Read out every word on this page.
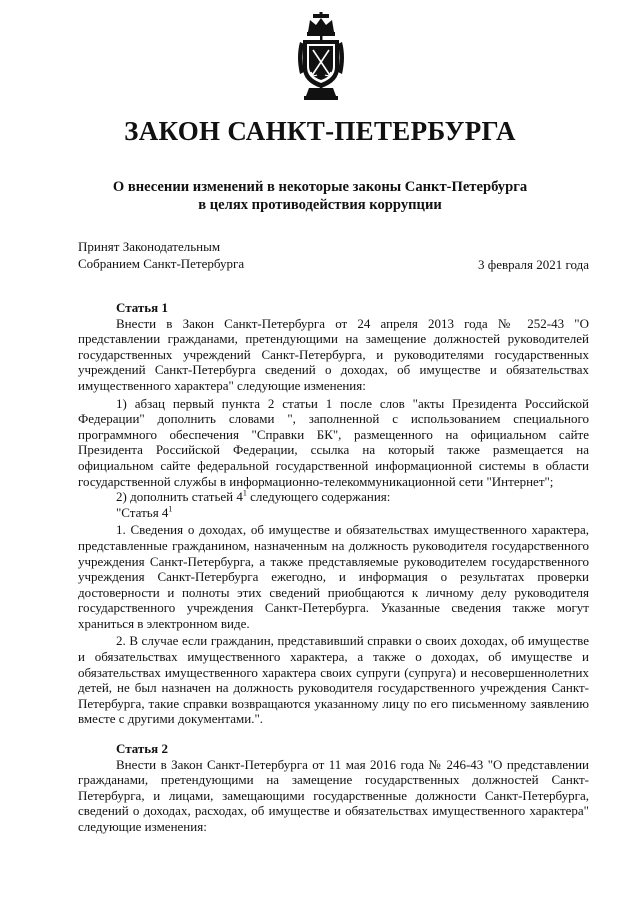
ЗАКОН САНКТ-ПЕТЕРБУРГА
О внесении изменений в некоторые законы Санкт-Петербурга
в целях противодействия коррупции
Принят Законодательным
Собранием Санкт-Петербурга	3 февраля 2021 года
Статья 1

Внести в Закон Санкт-Петербурга от 24 апреля 2013 года № 252-43 "О представлении гражданами, претендующими на замещение должностей руководителей государственных учреждений Санкт-Петербурга, и руководителями государственных учреждений Санкт-Петербурга сведений о доходах, об имуществе и обязательствах имущественного характера" следующие изменения:

1) абзац первый пункта 2 статьи 1 после слов "акты Президента Российской Федерации" дополнить словами ", заполненной с использованием специального программного обеспечения "Справки БК", размещенного на официальном сайте Президента Российской Федерации, ссылка на который также размещается на официальном сайте федеральной государственной информационной системы в области государственной службы в информационно-телекоммуникационной сети "Интернет";

2) дополнить статьей $4^1$ следующего содержания:

"Статья $4^1$

1. Сведения о доходах, об имуществе и обязательствах имущественного характера, представленные гражданином, назначенным на должность руководителя государственного учреждения Санкт-Петербурга, а также представляемые руководителем государственного учреждения Санкт-Петербурга ежегодно, и информация о результатах проверки достоверности и полноты этих сведений приобщаются к личному делу руководителя государственного учреждения Санкт-Петербурга. Указанные сведения также могут храниться в электронном виде.

2. В случае если гражданин, представивший справки о своих доходах, об имуществе и обязательствах имущественного характера, а также о доходах, об имуществе и обязательствах имущественного характера своих супруги (супруга) и несовершеннолетних детей, не был назначен на должность руководителя государственного учреждения Санкт-Петербурга, такие справки возвращаются указанному лицу по его письменному заявлению вместе с другими документами.".

Статья 2

Внести в Закон Санкт-Петербурга от 11 мая 2016 года № 246-43 "О представлении гражданами, претендующими на замещение государственных должностей Санкт-Петербурга, и лицами, замещающими государственные должности Санкт-Петербурга, сведений о доходах, расходах, об имуществе и обязательствах имущественного характера" следующие изменения:
